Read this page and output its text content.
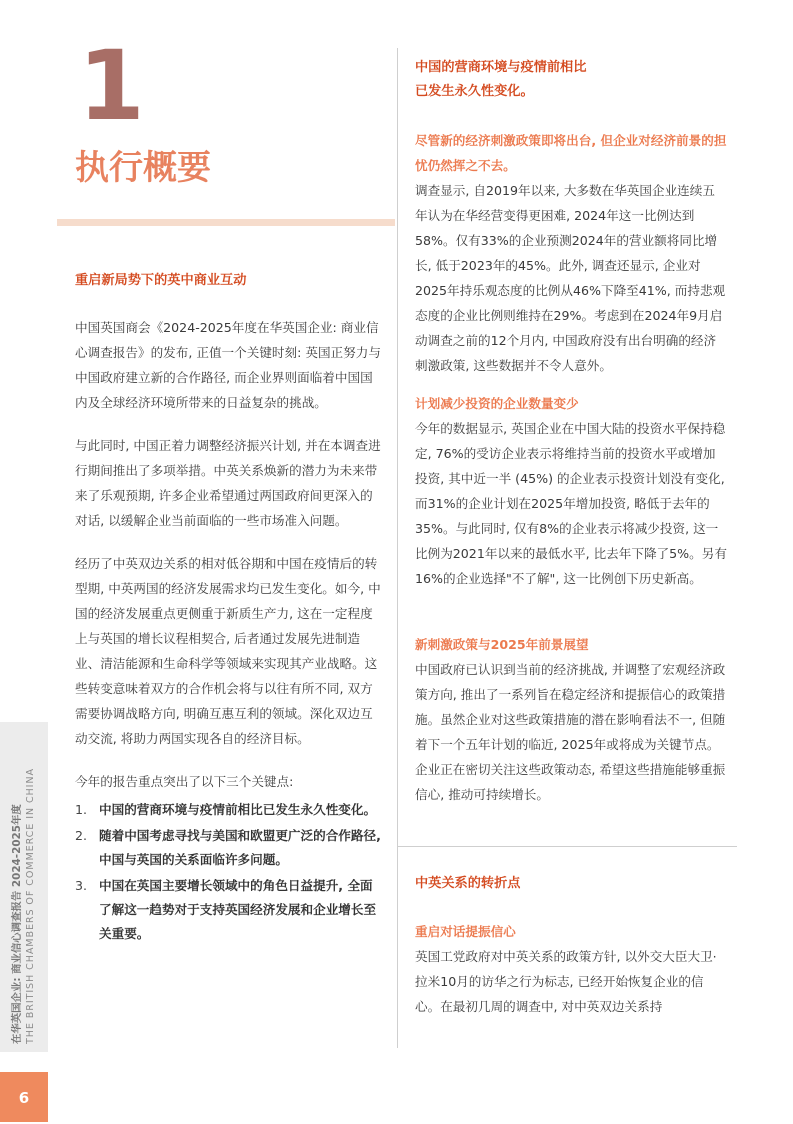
1
执行概要
重启新局势下的英中商业互动

中国英国商会《2024-2025年度在华英国企业: 商业信心调查报告》的发布, 正值一个关键时刻: 英国正努力与中国政府建立新的合作路径, 而企业界则面临着中国国内及全球经济环境所带来的日益复杂的挑战。

与此同时, 中国正着力调整经济振兴计划, 并在本调查进行期间推出了多项举措。中英关系焕新的潜力为未来带来了乐观预期, 许多企业希望通过两国政府间更深入的对话, 以缓解企业当前面临的一些市场准入问题。

经历了中英双边关系的相对低谷期和中国在疫情后的转型期, 中英两国的经济发展需求均已发生变化。如今, 中国的经济发展重点更侧重于新质生产力, 这在一定程度上与英国的增长议程相契合, 后者通过发展先进制造业、清洁能源和生命科学等领域来实现其产业战略。这些转变意味着双方的合作机会将与以往有所不同, 双方需要协调战略方向, 明确互惠互利的领域。深化双边互动交流, 将助力两国实现各自的经济目标。

今年的报告重点突出了以下三个关键点:

1. 中国的营商环境与疫情前相比已发生永久性变化。
2. 随着中国考虑寻找与美国和欧盟更广泛的合作路径, 中国与英国的关系面临许多问题。
3. 中国在英国主要增长领域中的角色日益提升, 全面了解这一趋势对于支持英国经济发展和企业增长至关重要。
中国的营商环境与疫情前相比
已发生永久性变化。
尽管新的经济刺激政策即将出台, 但企业对经济前景的担忧仍然挥之不去。

调查显示, 自2019年以来, 大多数在华英国企业连续五年认为在华经营变得更困难, 2024年这一比例达到58%。仅有33%的企业预测2024年的营业额将同比增长, 低于2023年的45%。此外, 调查还显示, 企业对2025年持乐观态度的比例从46%下降至41%, 而持悲观态度的企业比例则维持在29%。考虑到在2024年9月启动调查之前的12个月内, 中国政府没有出台明确的经济刺激政策, 这些数据并不令人意外。

计划减少投资的企业数量变少

今年的数据显示, 英国企业在中国大陆的投资水平保持稳定, 76%的受访企业表示将维持当前的投资水平或增加投资, 其中近一半 (45%) 的企业表示投资计划没有变化, 而31%的企业计划在2025年增加投资, 略低于去年的35%。与此同时, 仅有8%的企业表示将减少投资, 这一比例为2021年以来的最低水平, 比去年下降了5%。另有16%的企业选择"不了解", 这一比例创下历史新高。

新刺激政策与2025年前景展望

中国政府已认识到当前的经济挑战, 并调整了宏观经济政策方向, 推出了一系列旨在稳定经济和提振信心的政策措施。虽然企业对这些政策措施的潜在影响看法不一, 但随着下一个五年计划的临近, 2025年或将成为关键节点。企业正在密切关注这些政策动态, 希望这些措施能够重振信心, 推动可持续增长。

中英关系的转折点
重启对话提振信心

英国工党政府对中英关系的政策方针, 以外交大臣大卫·拉米10月的访华之行为标志, 已经开始恢复企业的信心。在最初几周的调查中, 对中英双边关系持

在华英国企业: 商业信心调查报告 2024-2025年度 THE BRITISH CHAMBERS OF COMMERCE IN CHINA
6
